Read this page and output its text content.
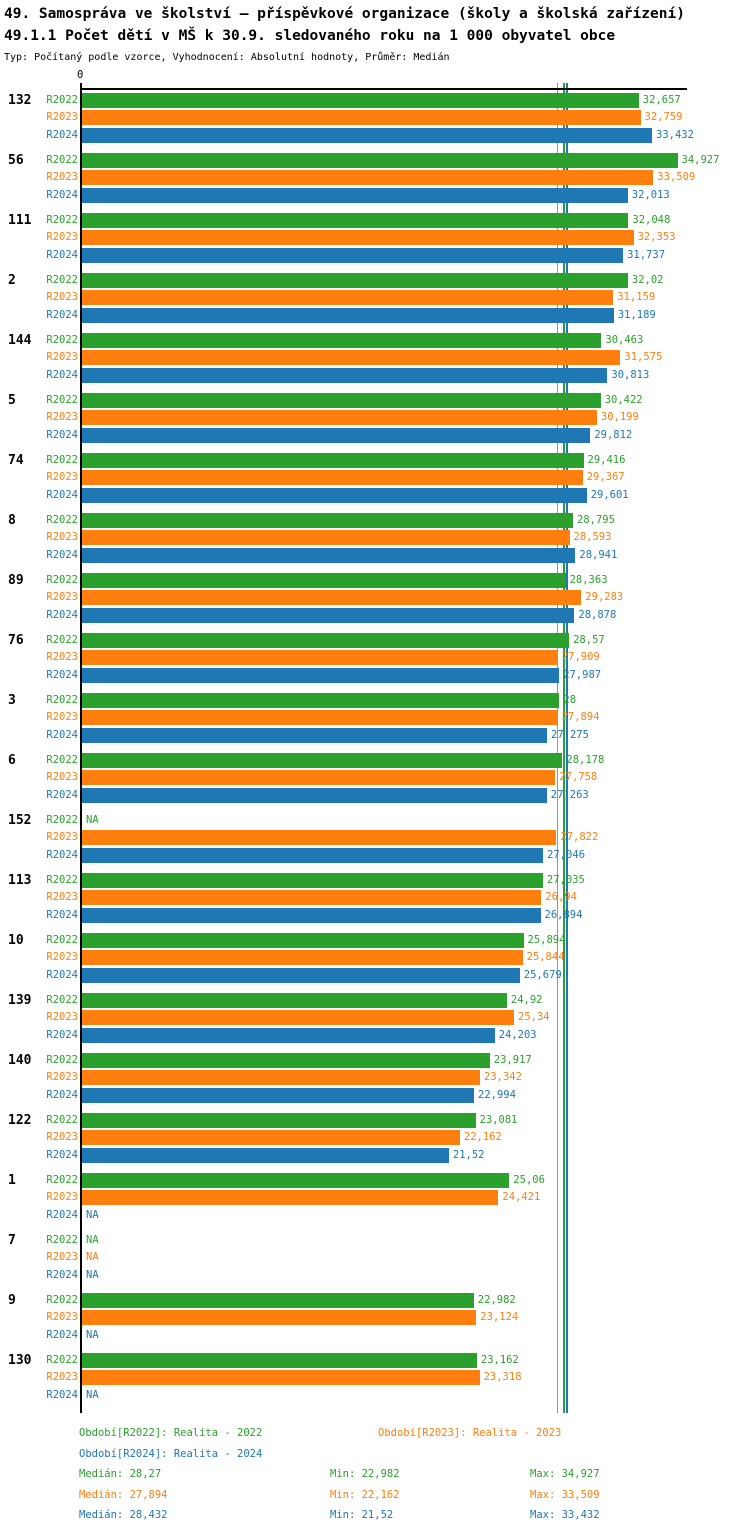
49. Samospráva ve školství – příspěvkové organizace (školy a školská zařízení)
49.1.1 Počet dětí v MŠ k 30.9. sledovaného roku na 1 000 obyvatel obce
Typ: Počítaný podle vzorce, Vyhodnocení: Absolutní hodnoty, Průměr: Medián
0
132	R2022	32,657
R2023	32,759
R2024	33,432
56	R2022	34,927
R2023	33,509
R2024	32,013
111	R2022	32,048
R2023	32,353
R2024	31,737
2	R2022	32,02
R2023	31,159
R2024	31,189
144	R2022	30,463
R2023	31,575
R2024	30,813
5	R2022	30,422
R2023	30,199
R2024	29,812
74	R2022	29,416
R2023	29,367
R2024	29,601
8	R2022	28,795
R2023	28,593
R2024	28,941
89	R2022	28,363
R2023	29,283
R2024	28,878
76	R2022	28,57
R2023	27,909
R2024	27,987
3	R2022	28
R2023	27,894
R2024	27,275
6	R2022	28,178
R2023	27,758
R2024	27,263
152	R2022 NA
R2023	27,822
R2024	27,046
113	R2022	27,035
R2023	26,94
R2024	26,894
10	R2022	25,894
R2023	25,844
R2024	25,679
139	R2022	24,92
R2023	25,34
R2024	24,203
140	R2022	23,917
R2023	23,342
R2024	22,994
122	R2022	23,081
R2023	22,162
R2024	21,52
1	R2022	25,06
R2023	24,421
R2024 NA
7	R2022 NA
R2023 NA
R2024 NA
9	R2022	22,982
R2023	23,124
R2024 NA
130	R2022	23,162
R2023	23,318
R2024 NA
Období[R2022]: Realita - 2022	Období[R2023]: Realita - 2023
Období[R2024]: Realita - 2024
Medián: 28,27	Min: 22,982	Max: 34,927
Medián: 27,894	Min: 22,162	Max: 33,509
Medián: 28,432	Min: 21,52	Max: 33,432
